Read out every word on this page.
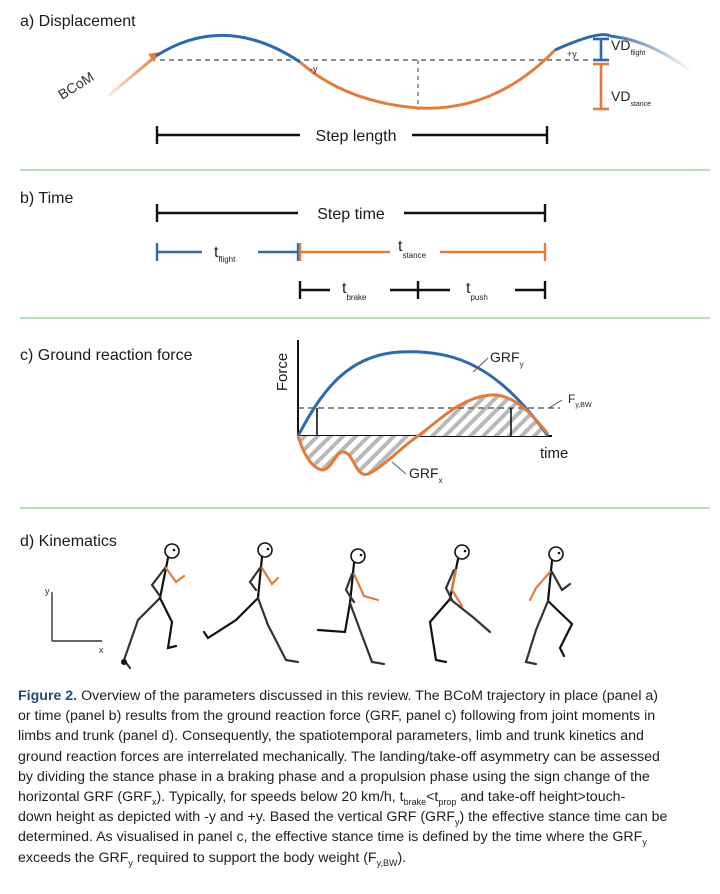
a) Displacement
BCoM	-y
+y
$VD_{flight}$
$VD_{stance}$
Step length
b) Time
Step time
$t_{flight}$
$t_{stance}$
$t_{brake}$
$t_{push}$
c) Ground reaction force	Force
time
$F_{y,BW}$
$GRF_y$
$GRF_x$
d) Kinematics
y
x
Figure 2. Overview of the parameters discussed in this review. The BCoM trajectory in place (panel a)
or time (panel b) results from the ground reaction force (GRF, panel c) following from joint moments in
limbs and trunk (panel d). Consequently, the spatiotemporal parameters, limb and trunk kinetics and
ground reaction forces are interrelated mechanically. The landing/take-off asymmetry can be assessed
by dividing the stance phase in a braking phase and a propulsion phase using the sign change of the
horizontal GRF $(GRF_x)$. Typically, for speeds below 20 km/h, $t_{brake}<t_{prop}$ and take-off height>touch-
down height as depicted with -y and +y. Based the vertical GRF $(GRF_y)$ the effective stance time can be
determined. As visualised in panel c, the effective stance time is defined by the time where the $GRF_y$
exceeds the $GRF_y$ required to support the body weight $(F_{y,BW})$.
